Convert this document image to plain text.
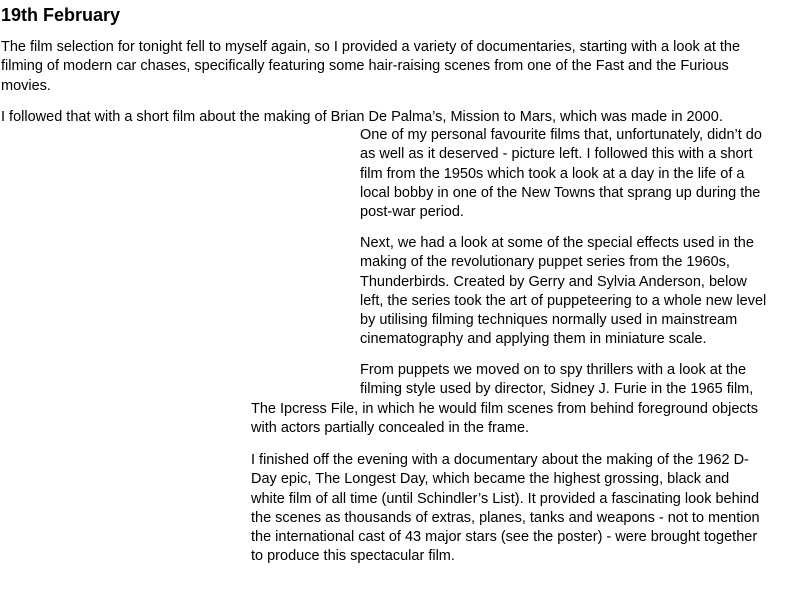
19th February
The film selection for tonight fell to myself again, so I provided a variety of documentaries, starting with a look at the
filming of modern car chases, specifically featuring some hair-raising scenes from one of the Fast and the Furious
movies.
I followed that with a short film about the making of Brian De Palma’s, Mission to Mars, which was made in 2000.
One of my personal favourite films that, unfortunately, didn’t do
as well as it deserved - picture left. I followed this with a short
film from the 1950s which took a look at a day in the life of a
local bobby in one of the New Towns that sprang up during the
post-war period.
Next, we had a look at some of the special effects used in the
making of the revolutionary puppet series from the 1960s,
Thunderbirds. Created by Gerry and Sylvia Anderson, below
left, the series took the art of puppeteering to a whole new level
by utilising filming techniques normally used in mainstream
cinematography and applying them in miniature scale.
From puppets we moved on to spy thrillers with a look at the
filming style used by director, Sidney J. Furie in the 1965 film,
The Ipcress File, in which he would film scenes from behind foreground objects
with actors partially concealed in the frame.
I finished off the evening with a documentary about the making of the 1962 D-
Day epic, The Longest Day, which became the highest grossing, black and
white film of all time (until Schindler’s List). It provided a fascinating look behind
the scenes as thousands of extras, planes, tanks and weapons - not to mention
the international cast of 43 major stars (see the poster) - were brought together
to produce this spectacular film.
